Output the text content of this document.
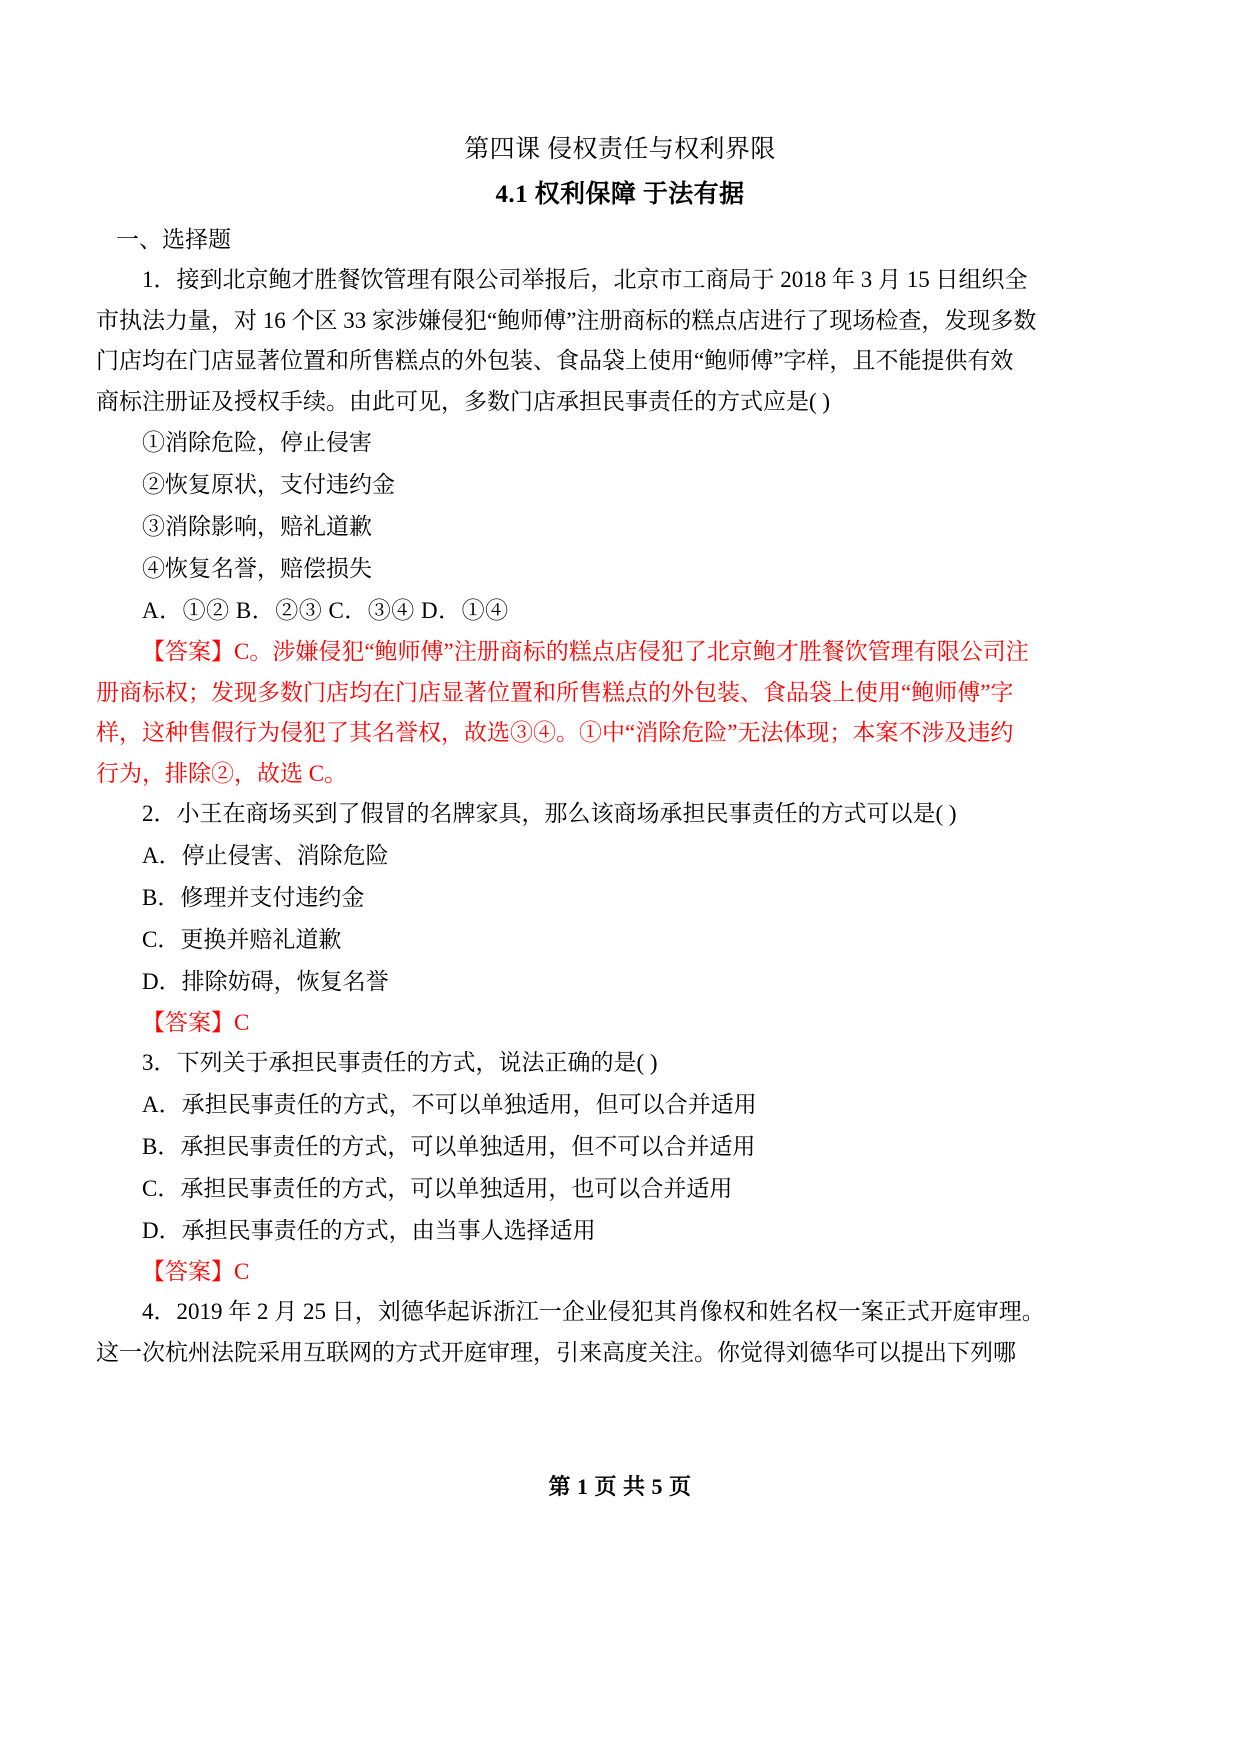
第四课 侵权责任与权利界限
4.1 权利保障 于法有据
一、选择题
1．接到北京鲍才胜餐饮管理有限公司举报后，北京市工商局于 2018 年 3 月 15 日组织全
市执法力量，对 16 个区 33 家涉嫌侵犯“鲍师傅”注册商标的糕点店进行了现场检查，发现多数
门店均在门店显著位置和所售糕点的外包装、食品袋上使用“鲍师傅”字样，且不能提供有效
商标注册证及授权手续。由此可见，多数门店承担民事责任的方式应是( )
①消除危险，停止侵害
②恢复原状，支付违约金
③消除影响，赔礼道歉
④恢复名誉，赔偿损失
A．①② B．②③ C．③④ D．①④
【答案】C。涉嫌侵犯“鲍师傅”注册商标的糕点店侵犯了北京鲍才胜餐饮管理有限公司注
册商标权；发现多数门店均在门店显著位置和所售糕点的外包装、食品袋上使用“鲍师傅”字
样，这种售假行为侵犯了其名誉权，故选③④。①中“消除危险”无法体现；本案不涉及违约
行为，排除②，故选 C。
2．小王在商场买到了假冒的名牌家具，那么该商场承担民事责任的方式可以是( )
A．停止侵害、消除危险
B．修理并支付违约金
C．更换并赔礼道歉
D．排除妨碍，恢复名誉
【答案】C
3．下列关于承担民事责任的方式，说法正确的是( )
A．承担民事责任的方式，不可以单独适用，但可以合并适用
B．承担民事责任的方式，可以单独适用，但不可以合并适用
C．承担民事责任的方式，可以单独适用，也可以合并适用
D．承担民事责任的方式，由当事人选择适用
【答案】C
4．2019 年 2 月 25 日，刘德华起诉浙江一企业侵犯其肖像权和姓名权一案正式开庭审理。
这一次杭州法院采用互联网的方式开庭审理，引来高度关注。你觉得刘德华可以提出下列哪
第 1 页 共 5 页
